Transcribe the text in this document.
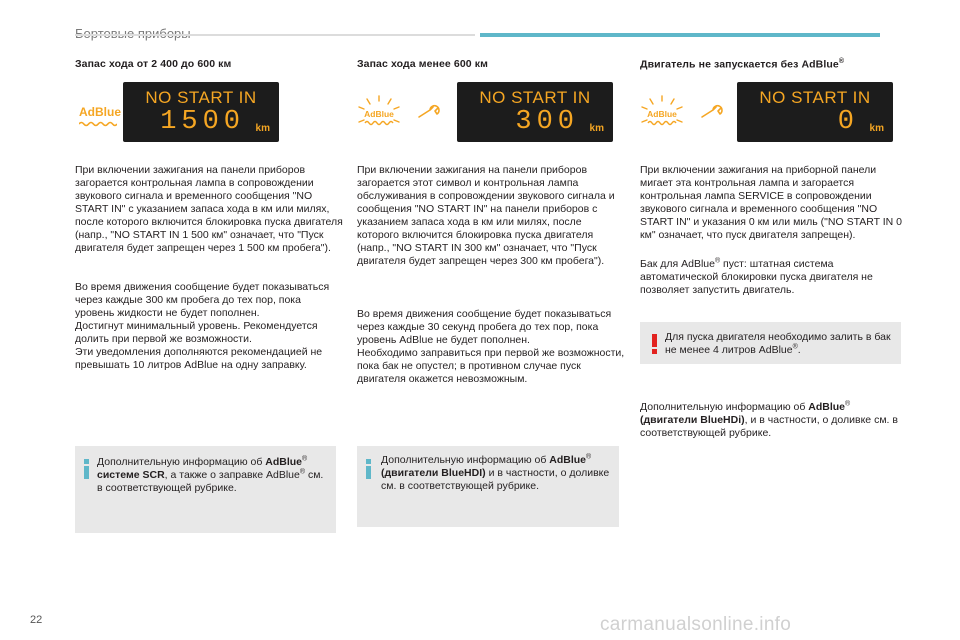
Запас хода от 2 400 до 600 км
AdBlue
NO START IN
1500 km

При включении зажигания на панели приборов загорается контрольная лампа в сопровождении звукового сигнала и временного сообщения "NO START IN" с указанием запаса хода в км или милях, после которого включится блокировка пуска двигателя (напр., "NO START IN 1 500 км" означает, что "Пуск двигателя будет запрещен через 1 500 км пробега").

Во время движения сообщение будет показываться через каждые 300 км пробега до тех пор, пока уровень жидкости не будет пополнен.

Достигнут минимальный уровень. Рекомендуется долить при первой же возможности.

Эти уведомления дополняются рекомендацией не превышать 10 литров AdBlue на одну заправку.

Дополнительную информацию об AdBlue® системе SCR, а также о заправке AdBlue® см. в соответствующей рубрике.
Запас хода менее 600 км
AdBlue
NO START IN
300 km

При включении зажигания на панели приборов загорается этот символ и контрольная лампа обслуживания в сопровождении звукового сигнала и сообщения "NO START IN" на панели приборов с указанием запаса хода в км или милях, после которого включится блокировка пуска двигателя (напр., "NO START IN 300 км" означает, что "Пуск двигателя будет запрещен через 300 км пробега").

Во время движения сообщение будет показываться через каждые 30 секунд пробега до тех пор, пока уровень AdBlue не будет пополнен.

Необходимо заправиться при первой же возможности, пока бак не опустел; в противном случае пуск двигателя окажется невозможным.

Дополнительную информацию об AdBlue® (двигатели BlueHDI) и в частности, о доливке см. в соответствующей рубрике.
Двигатель не запускается без AdBlue®
AdBlue
NO START IN
0 km

При включении зажигания на приборной панели мигает эта контрольная лампа и загорается контрольная лампа SERVICE в сопровождении звукового сигнала и временного сообщения "NO START IN" и указания 0 км или миль ("NO START IN 0 км" означает, что пуск двигателя запрещен).

Бак для AdBlue® пуст: штатная система автоматической блокировки пуска двигателя не позволяет запустить двигатель.

Для пуска двигателя необходимо залить в бак не менее 4 литров AdBlue®.
Дополнительную информацию об AdBlue® (двигатели BlueHDi), и в частности, о доливке см. в соответствующей рубрике.
22	carmanualsonline.info
